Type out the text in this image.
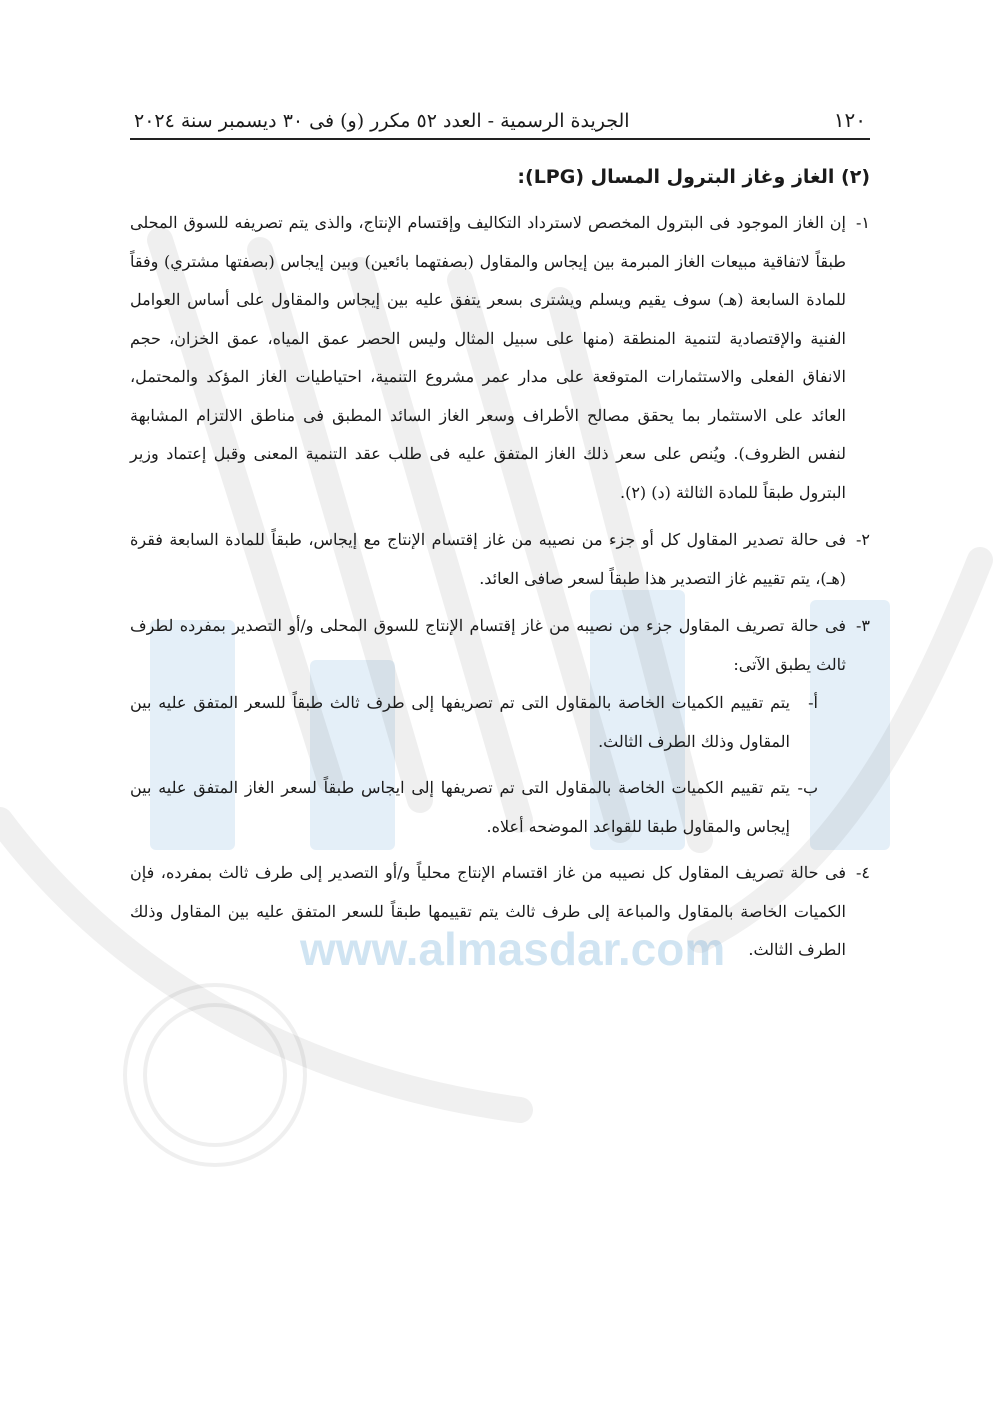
www.almasdar.com
١٢٠
الجريدة الرسمية - العدد ٥٢ مكرر (و) فى ٣٠ ديسمبر سنة ٢٠٢٤
(٢) الغاز وغاز البترول المسال (LPG):
١-
إن الغاز الموجود فى البترول المخصص لاسترداد التكاليف وإقتسام الإنتاج، والذى يتم تصريفه للسوق المحلى طبقاً لاتفاقية مبيعات الغاز المبرمة بين إيجاس والمقاول (بصفتهما بائعين) وبين إيجاس (بصفتها مشتري) وفقاً للمادة السابعة (هـ) سوف يقيم ويسلم ويشترى بسعر يتفق عليه بين إيجاس والمقاول على أساس العوامل الفنية والإقتصادية لتنمية المنطقة (منها على سبيل المثال وليس الحصر عمق المياه، عمق الخزان، حجم الانفاق الفعلى والاستثمارات المتوقعة على مدار عمر مشروع التنمية، احتياطيات الغاز المؤكد والمحتمل، العائد على الاستثمار بما يحقق مصالح الأطراف وسعر الغاز السائد المطبق فى مناطق الالتزام المشابهة لنفس الظروف). ويُنص على سعر ذلك الغاز المتفق عليه فى طلب عقد التنمية المعنى وقبل إعتماد وزير البترول طبقاً للمادة الثالثة (د) (٢).
٢-
فى حالة تصدير المقاول كل أو جزء من نصيبه من غاز إقتسام الإنتاج مع إيجاس، طبقاً للمادة السابعة فقرة (هـ)، يتم تقييم غاز التصدير هذا طبقاً لسعر صافى العائد.
٣-
فى حالة تصريف المقاول جزء من نصيبه من غاز إقتسام الإنتاج للسوق المحلى و/أو التصدير بمفرده لطرف ثالث يطبق الآتى:
أ-
يتم تقييم الكميات الخاصة بالمقاول التى تم تصريفها إلى طرف ثالث طبقاً للسعر المتفق عليه بين المقاول وذلك الطرف الثالث.
ب-
يتم تقييم الكميات الخاصة بالمقاول التى تم تصريفها إلى ايجاس طبقاً لسعر الغاز المتفق عليه بين إيجاس والمقاول طبقا للقواعد الموضحه أعلاه.
٤-
فى حالة تصريف المقاول كل نصيبه من غاز اقتسام الإنتاج محلياً و/أو التصدير إلى طرف ثالث بمفرده، فإن الكميات الخاصة بالمقاول والمباعة إلى طرف ثالث يتم تقييمها طبقاً للسعر المتفق عليه بين المقاول وذلك الطرف الثالث.
